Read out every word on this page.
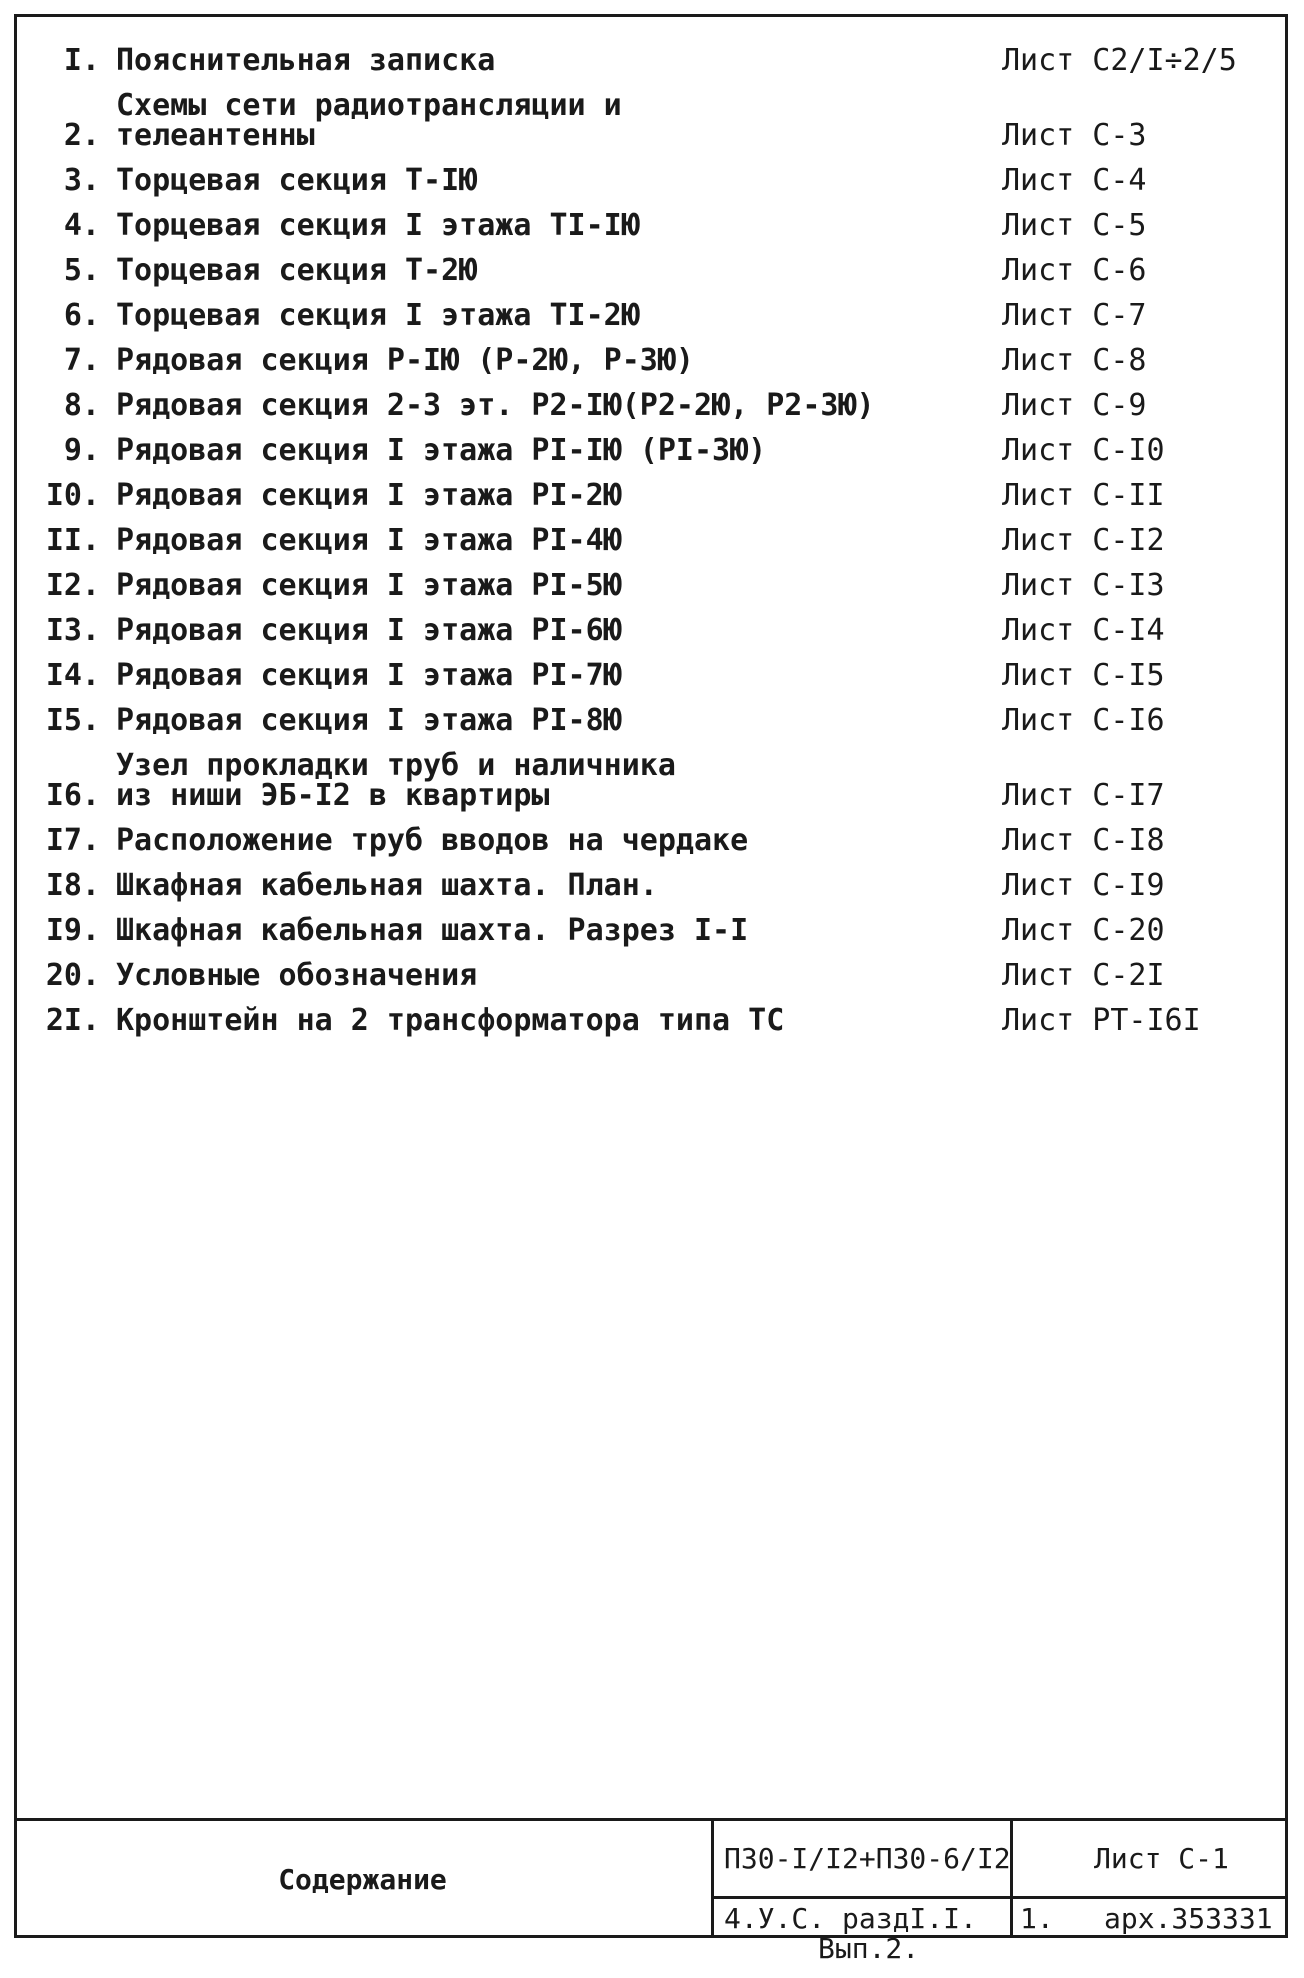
I. Пояснительная записка	Лист С2/I÷2/5
2.
Схемы сети радиотрансляции и
телеантенны	Лист С-3
3. Торцевая секция Т-ІЮ	Лист С-4
4. Торцевая секция I этажа ТI-ІЮ	Лист С-5
5. Торцевая секция Т-2Ю	Лист С-6
6. Торцевая секция I этажа ТI-2Ю	Лист С-7
7. Рядовая секция Р-ІЮ (Р-2Ю, Р-3Ю)	Лист С-8
8. Рядовая секция 2-3 эт. Р2-ІЮ(Р2-2Ю, Р2-3Ю)	Лист С-9
9. Рядовая секция I этажа РI-ІЮ (РI-3Ю)	Лист С-I0
I0. Рядовая секция I этажа РI-2Ю	Лист С-II
II. Рядовая секция I этажа РI-4Ю	Лист С-I2
I2. Рядовая секция I этажа РI-5Ю	Лист С-I3
I3. Рядовая секция I этажа РI-6Ю	Лист С-I4
I4. Рядовая секция I этажа РI-7Ю	Лист С-I5
I5. Рядовая секция I этажа РI-8Ю	Лист С-I6
I6.
Узел прокладки труб и наличника
из ниши ЭБ-I2 в квартиры	Лист С-I7
I7. Расположение труб вводов на чердаке	Лист С-I8
I8. Шкафная кабельная шахта. План.	Лист С-I9
I9. Шкафная кабельная шахта. Разрез I-I	Лист С-20
20. Условные обозначения	Лист С-2I
2I. Кронштейн на 2 трансформатора типа ТС	Лист РТ-I6I
Содержание
П30-I/I2+П30-6/I2	Лист С-1
4.У.С. раздI.I. 1. арх.353331
Вып.2.
